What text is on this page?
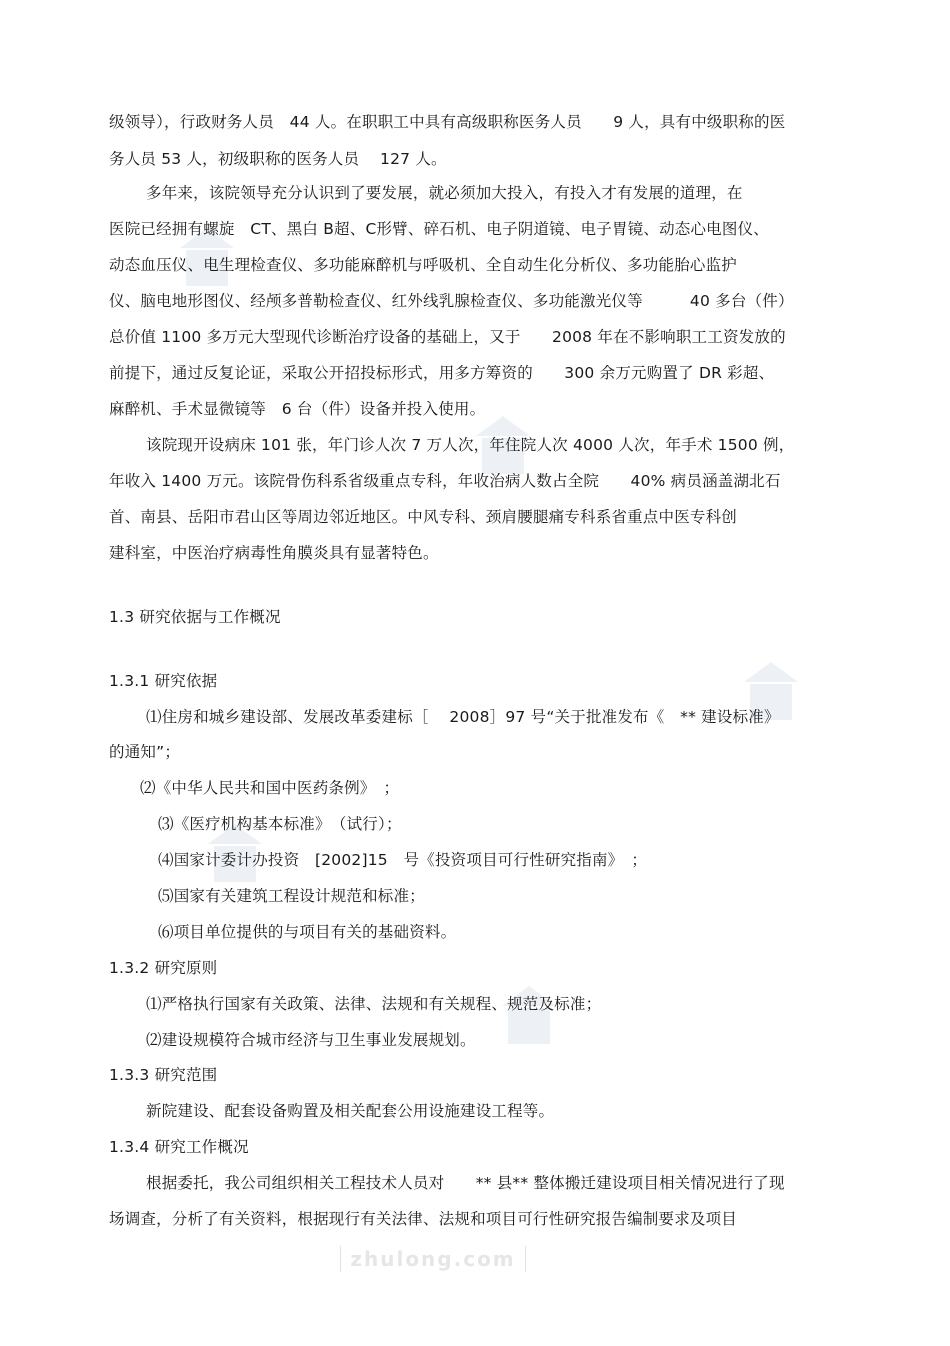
级领导），行政财务人员　44 人。在职职工中具有高级职称医务人员　　9 人，具有中级职称的医
务人员 53 人，初级职称的医务人员　 127 人。
多年来，该院领导充分认识到了要发展，就必须加大投入，有投入才有发展的道理，在
医院已经拥有螺旋　CT、黑白 B超、C形臂、碎石机、电子阴道镜、电子胃镜、动态心电图仪、
动态血压仪、电生理检查仪、多功能麻醉机与呼吸机、全自动生化分析仪、多功能胎心监护
仪、脑电地形图仪、经颅多普勒检查仪、红外线乳腺检查仪、多功能激光仪等　　　40 多台（件）
总价值 1100 多万元大型现代诊断治疗设备的基础上，又于　　2008 年在不影响职工工资发放的
前提下，通过反复论证，采取公开招投标形式，用多方筹资的　　300 余万元购置了 DR 彩超、
麻醉机、手术显微镜等　6 台（件）设备并投入使用。
该院现开设病床 101 张，年门诊人次 7 万人次，年住院人次 4000 人次，年手术 1500 例，
年收入 1400 万元。该院骨伤科系省级重点专科，年收治病人数占全院　　40% 病员涵盖湖北石
首、南县、岳阳市君山区等周边邻近地区。中风专科、颈肩腰腿痛专科系省重点中医专科创
建科室，中医治疗病毒性角膜炎具有显著特色。
1.3 研究依据与工作概况
1.3.1 研究依据
⑴住房和城乡建设部、发展改革委建标［　 2008］97 号“关于批准发布《　** 建设标准》
的通知”；
⑵《中华人民共和国中医药条例》　；
⑶《医疗机构基本标准》　（试行）；
⑷国家计委计办投资　[2002]15　号《投资项目可行性研究指南》　；
⑸国家有关建筑工程设计规范和标准；
⑹项目单位提供的与项目有关的基础资料。
1.3.2 研究原则
⑴严格执行国家有关政策、法律、法规和有关规程、规范及标准；
⑵建设规模符合城市经济与卫生事业发展规划。
1.3.3 研究范围
新院建设、配套设备购置及相关配套公用设施建设工程等。
1.3.4 研究工作概况
根据委托，我公司组织相关工程技术人员对　　** 县** 整体搬迁建设项目相关情况进行了现
场调查，分析了有关资料，根据现行有关法律、法规和项目可行性研究报告编制要求及项目
zhulong.com
